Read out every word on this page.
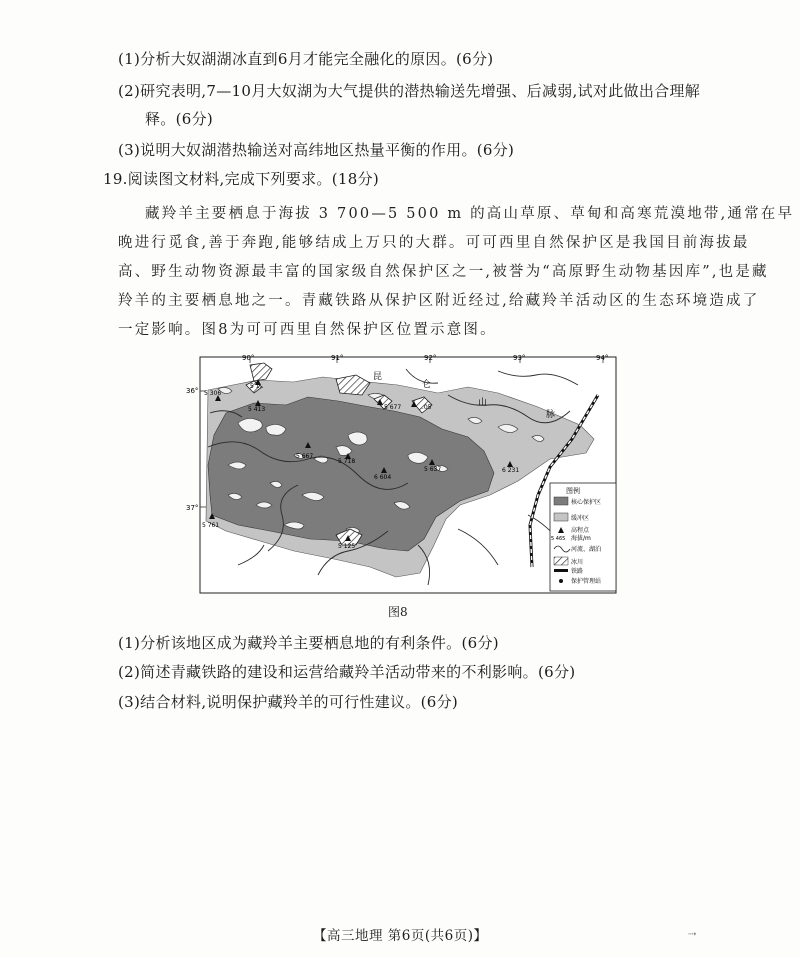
(1)分析大奴湖湖冰直到6月才能完全融化的原因。(6分)
(2)研究表明,7—10月大奴湖为大气提供的潜热输送先增强、后减弱,试对此做出合理解
释。(6分)
(3)说明大奴湖潜热输送对高纬地区热量平衡的作用。(6分)
19.阅读图文材料,完成下列要求。(18分)
藏羚羊主要栖息于海拔 3 700—5 500 m 的高山草原、草甸和高寒荒漠地带,通常在早
晚进行觅食,善于奔跑,能够结成上万只的大群。可可西里自然保护区是我国目前海拔最
高、野生动物资源最丰富的国家级自然保护区之一,被誉为“高原野生动物基因库”,也是藏
羚羊的主要栖息地之一。青藏铁路从保护区附近经过,给藏羚羊活动区的生态环境造成了
一定影响。图8为可可西里自然保护区位置示意图。
90°	91°	92°	93°	94°
36°
37°
昆
仑
山
脉
5 306
5 1..
5 413
5 667
5 718
6 604
5 637	6 231
5 761
5 125
5 677	..05
图例
核心保护区
缓冲区
高程点
5 465 海拔/m
河流、湖泊
冰川
铁路
保护管理站
图8
(1)分析该地区成为藏羚羊主要栖息地的有利条件。(6分)
(2)简述青藏铁路的建设和运营给藏羚羊活动带来的不利影响。(6分)
(3)结合材料,说明保护藏羚羊的可行性建议。(6分)
【高三地理 第6页(共6页)】	⇢
